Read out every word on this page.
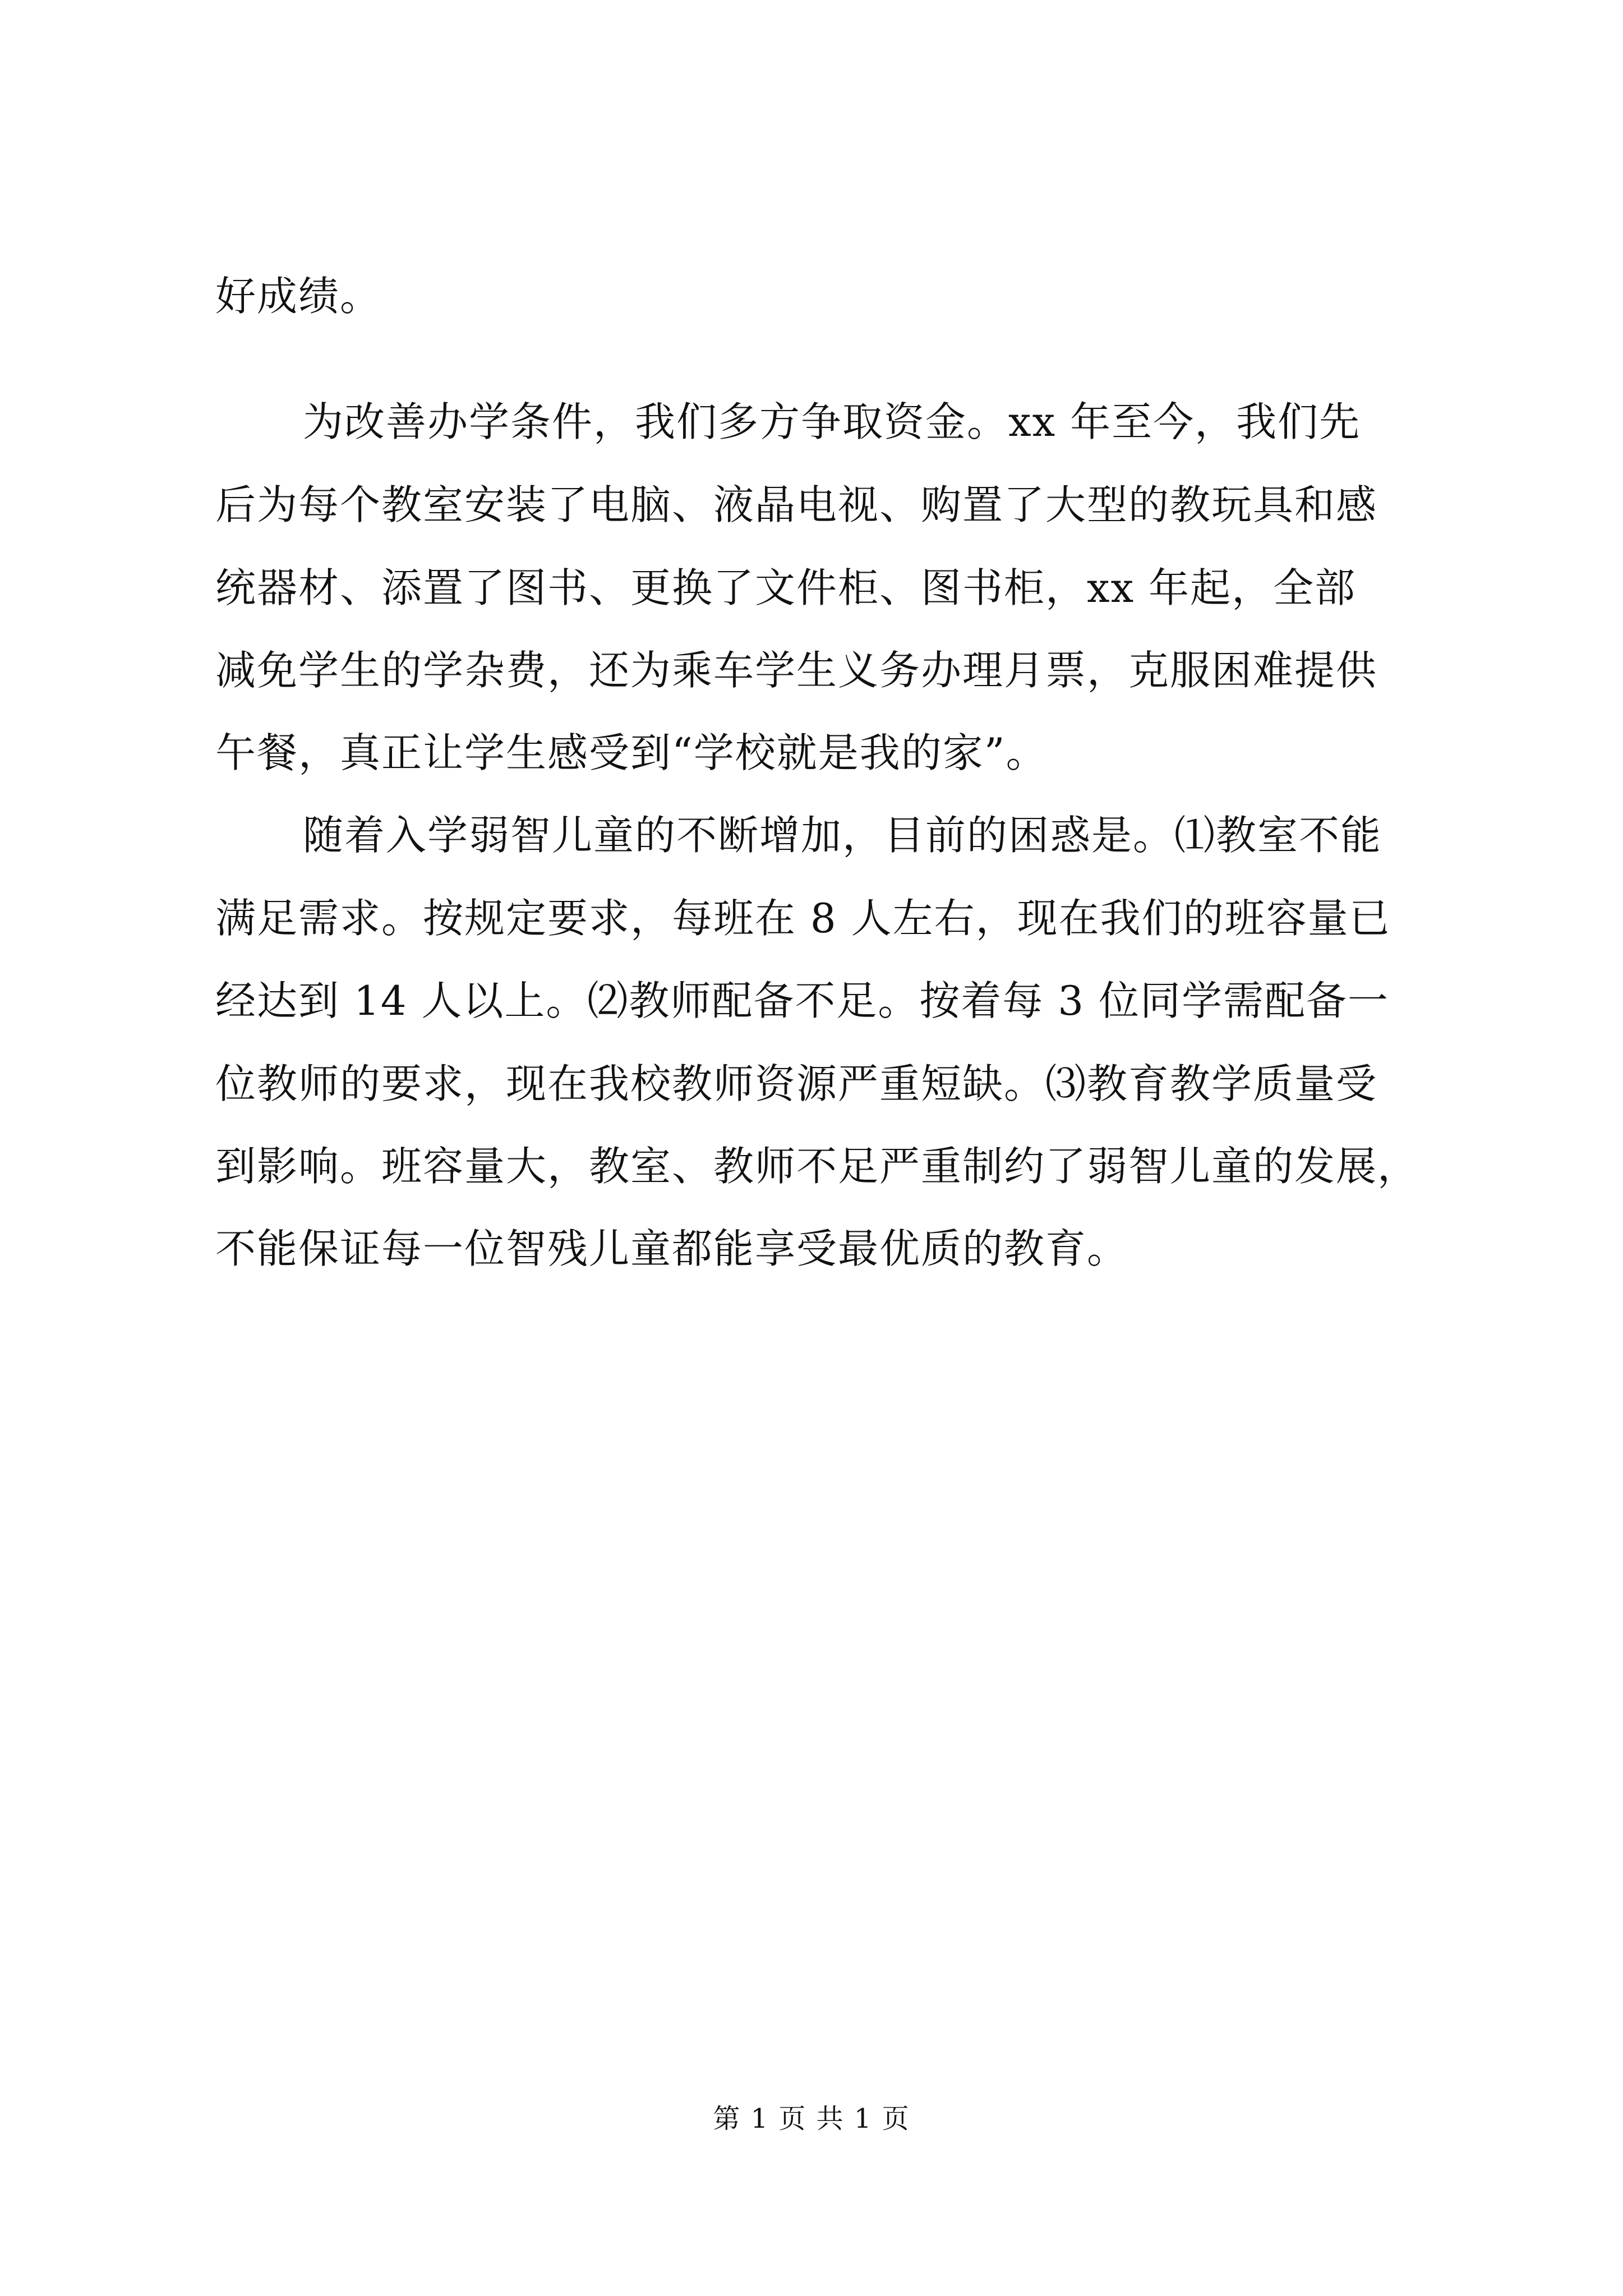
好成绩。
为改善办学条件，我们多方争取资金。xx 年至今，我们先
后为每个教室安装了电脑、液晶电视、购置了大型的教玩具和感
统器材、添置了图书、更换了文件柜、图书柜，xx 年起，全部
减免学生的学杂费，还为乘车学生义务办理月票，克服困难提供
午餐，真正让学生感受到“学校就是我的家”。
随着入学弱智儿童的不断增加，目前的困惑是。⑴教室不能
满足需求。按规定要求，每班在 8 人左右，现在我们的班容量已
经达到 14 人以上。⑵教师配备不足。按着每 3 位同学需配备一
位教师的要求，现在我校教师资源严重短缺。⑶教育教学质量受
到影响。班容量大，教室、教师不足严重制约了弱智儿童的发展，
不能保证每一位智残儿童都能享受最优质的教育。
第 1 页 共 1 页
